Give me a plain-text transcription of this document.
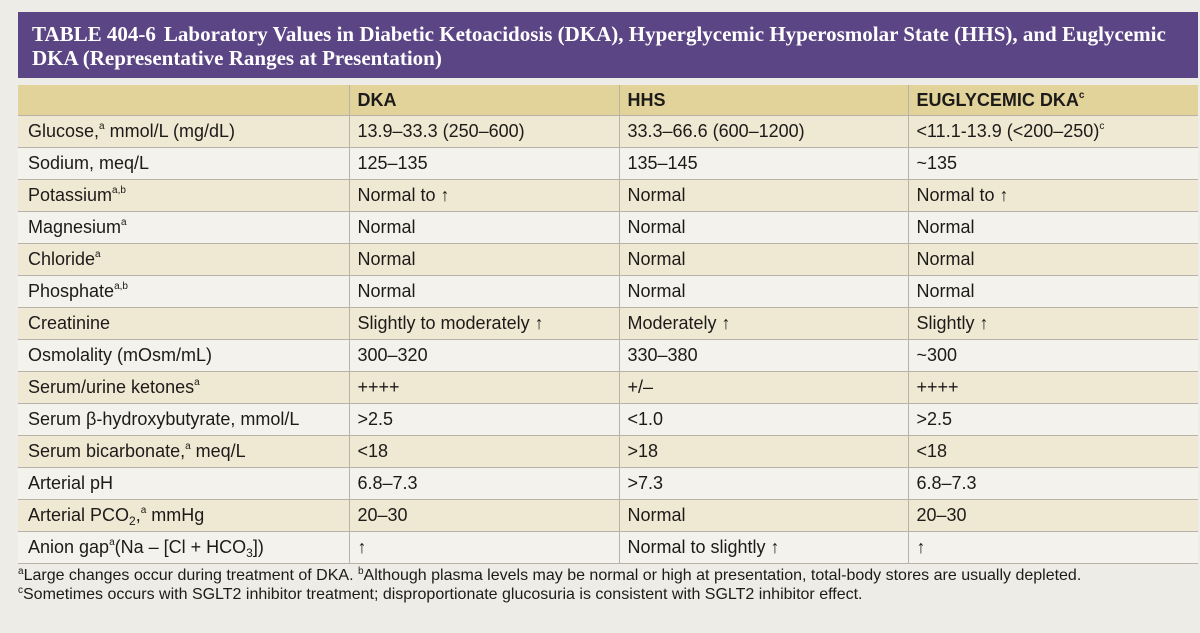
TABLE 404-6 Laboratory Values in Diabetic Ketoacidosis (DKA), Hyperglycemic Hyperosmolar State (HHS), and Euglycemic DKA (Representative Ranges at Presentation)
	DKA	HHS	EUGLYCEMIC DKA$^c$
Glucose,$^a$ mmol/L (mg/dL)	13.9–33.3 (250–600)	33.3–66.6 (600–1200)	<11.1-13.9 (<200–250)$^c$
Sodium, meq/L	125–135	135–145	~135
Potassium$^{a,b}$	Normal to ↑	Normal	Normal to ↑
Magnesium$^a$	Normal	Normal	Normal
Chloride$^a$	Normal	Normal	Normal
Phosphate$^{a,b}$	Normal	Normal	Normal
Creatinine	Slightly to moderately ↑	Moderately ↑	Slightly ↑
Osmolality (mOsm/mL)	300–320	330–380	~300
Serum/urine ketones$^a$	++++	+/–	++++
Serum β-hydroxybutyrate, mmol/L	>2.5	<1.0	>2.5
Serum bicarbonate,$^a$ meq/L	<18	>18	<18
Arterial pH	6.8–7.3	>7.3	6.8–7.3
Arterial $PCO_2,^a$ mmHg	20–30	Normal	20–30
Anion $gap^a(Na - [Cl + HCO_3])$	↑	Normal to slightly ↑	↑
$^a$Large changes occur during treatment of DKA. $^b$Although plasma levels may be normal or high at presentation, total-body stores are usually depleted.
$^c$Sometimes occurs with SGLT2 inhibitor treatment; disproportionate glucosuria is consistent with SGLT2 inhibitor effect.
